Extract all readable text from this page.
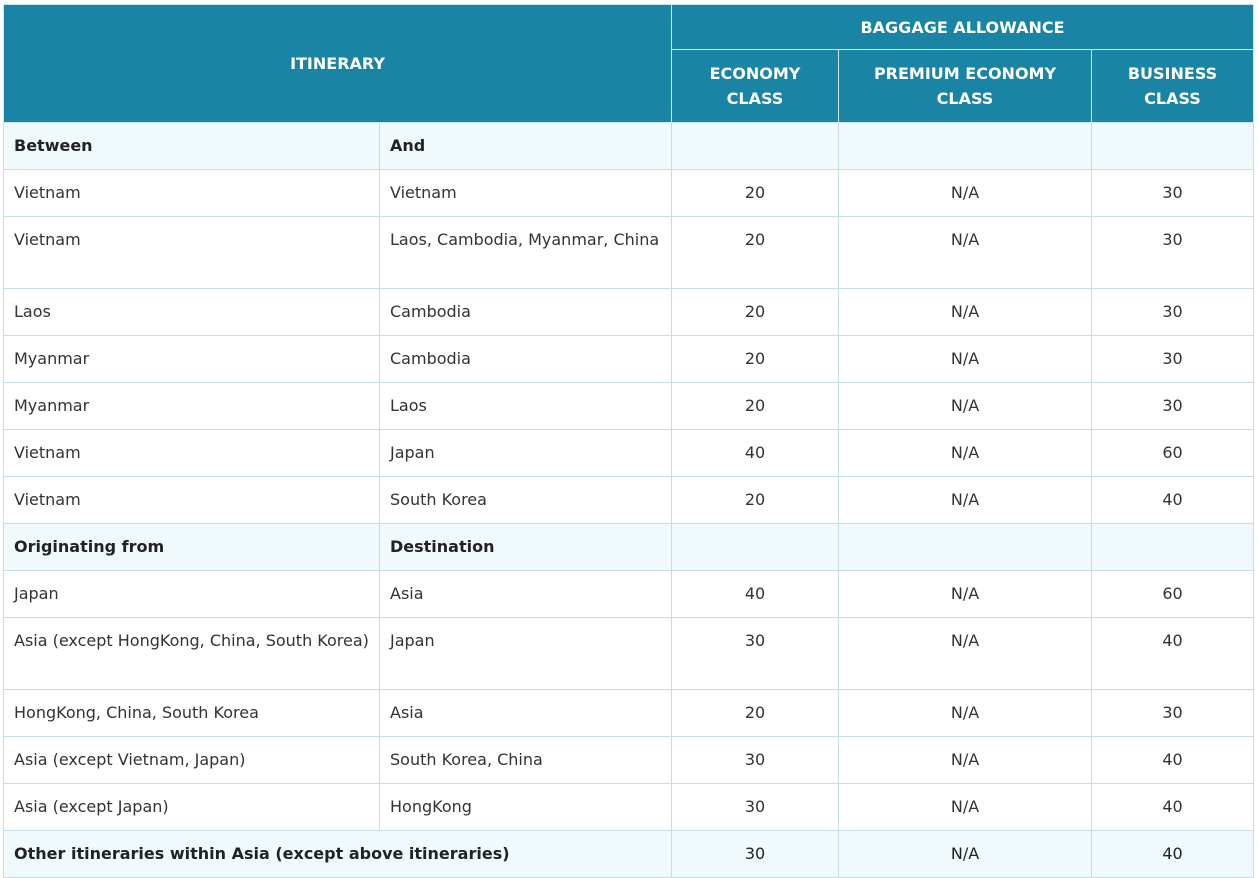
ITINERARY		BAGGAGE ALLOWANCE		
		ECONOMY CLASS	PREMIUM ECONOMY CLASS	BUSINESS CLASS
Between	And			
Vietnam	Vietnam	20	N/A	30
Vietnam	Laos, Cambodia, Myanmar, China	20	N/A	30
Laos	Cambodia	20	N/A	30
Myanmar	Cambodia	20	N/A	30
Myanmar	Laos	20	N/A	30
Vietnam	Japan	40	N/A	60
Vietnam	South Korea	20	N/A	40
Originating from	Destination			
Japan	Asia	40	N/A	60
Asia (except HongKong, China, South Korea)	Japan	30	N/A	40
HongKong, China, South Korea	Asia	20	N/A	30
Asia (except Vietnam, Japan)	South Korea, China	30	N/A	40
Asia (except Japan)	HongKong	30	N/A	40
Other itineraries within Asia (except above itineraries)		30	N/A	40
